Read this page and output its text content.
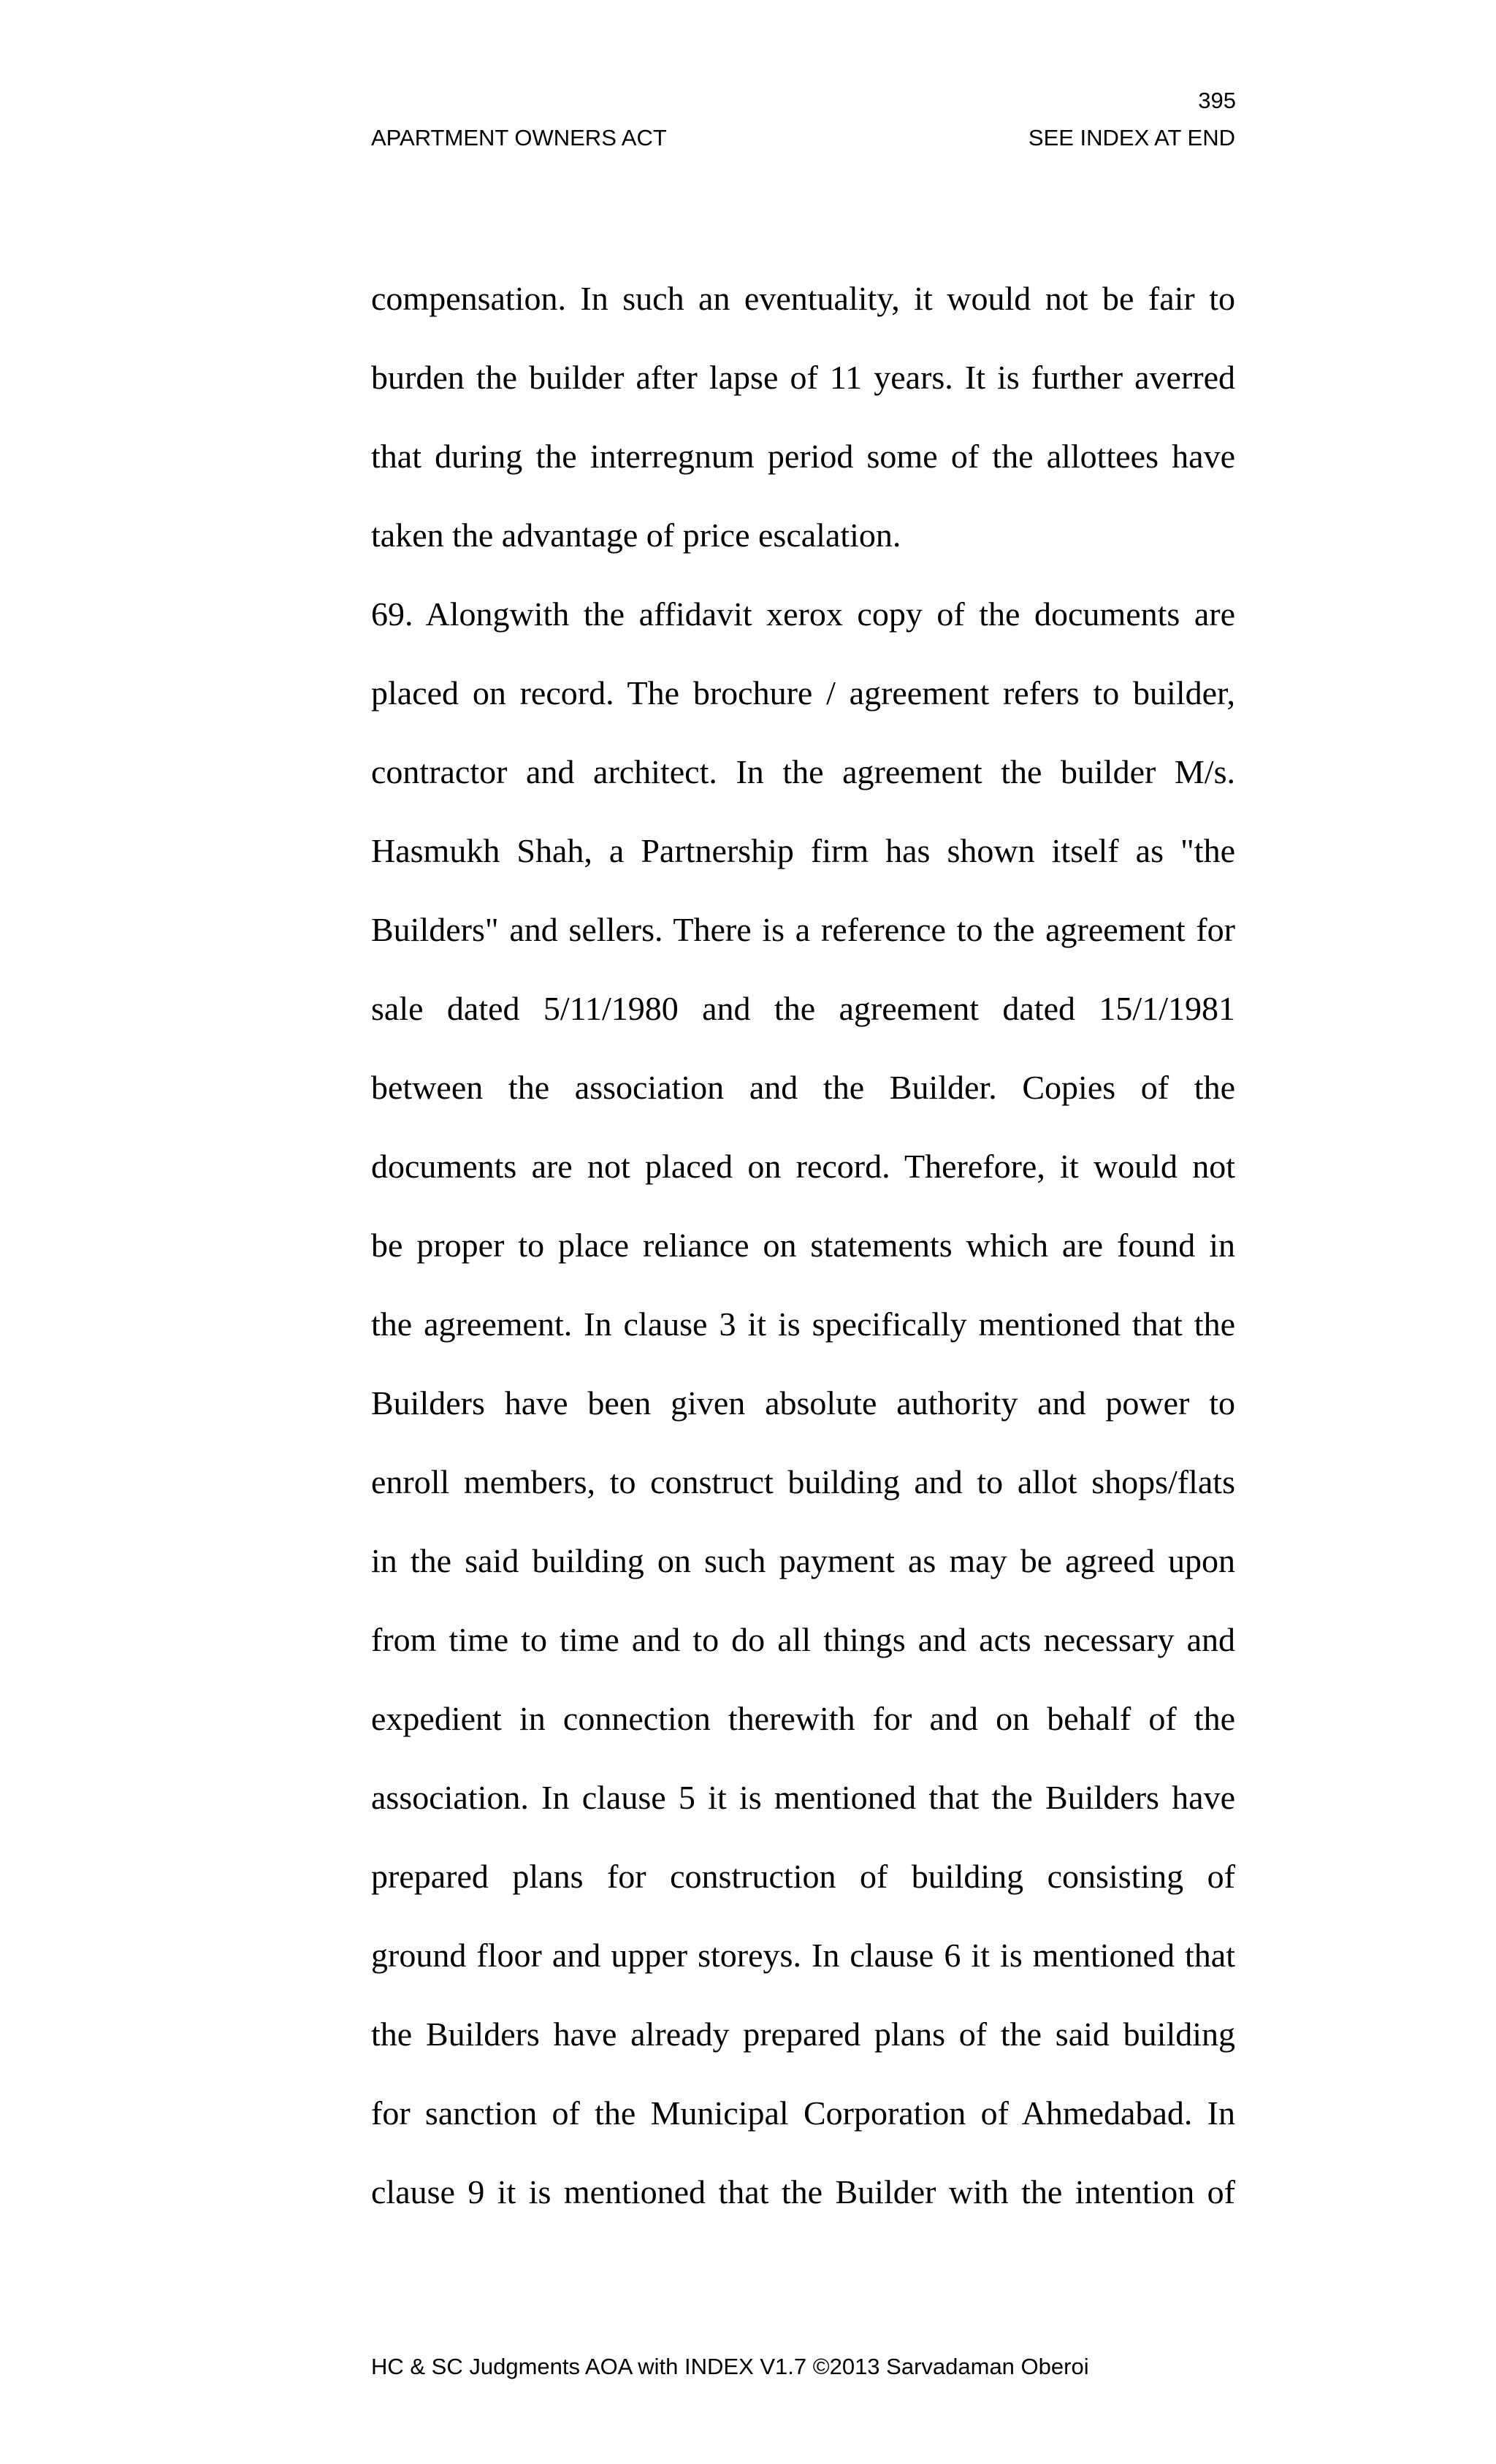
395
APARTMENT OWNERS ACT	SEE INDEX AT END
compensation. In such an eventuality, it would not be fair to
burden the builder after lapse of 11 years. It is further averred
that during the interregnum period some of the allottees have
taken the advantage of price escalation.
69. Alongwith the affidavit xerox copy of the documents are
placed on record. The brochure / agreement refers to builder,
contractor and architect. In the agreement the builder M/s.
Hasmukh Shah, a Partnership firm has shown itself as "the
Builders" and sellers. There is a reference to the agreement for
sale dated 5/11/1980 and the agreement dated 15/1/1981
between the association and the Builder. Copies of the
documents are not placed on record. Therefore, it would not
be proper to place reliance on statements which are found in
the agreement. In clause 3 it is specifically mentioned that the
Builders have been given absolute authority and power to
enroll members, to construct building and to allot shops/flats
in the said building on such payment as may be agreed upon
from time to time and to do all things and acts necessary and
expedient in connection therewith for and on behalf of the
association. In clause 5 it is mentioned that the Builders have
prepared plans for construction of building consisting of
ground floor and upper storeys. In clause 6 it is mentioned that
the Builders have already prepared plans of the said building
for sanction of the Municipal Corporation of Ahmedabad. In
clause 9 it is mentioned that the Builder with the intention of
HC & SC Judgments AOA with INDEX V1.7 ©2013 Sarvadaman Oberoi
